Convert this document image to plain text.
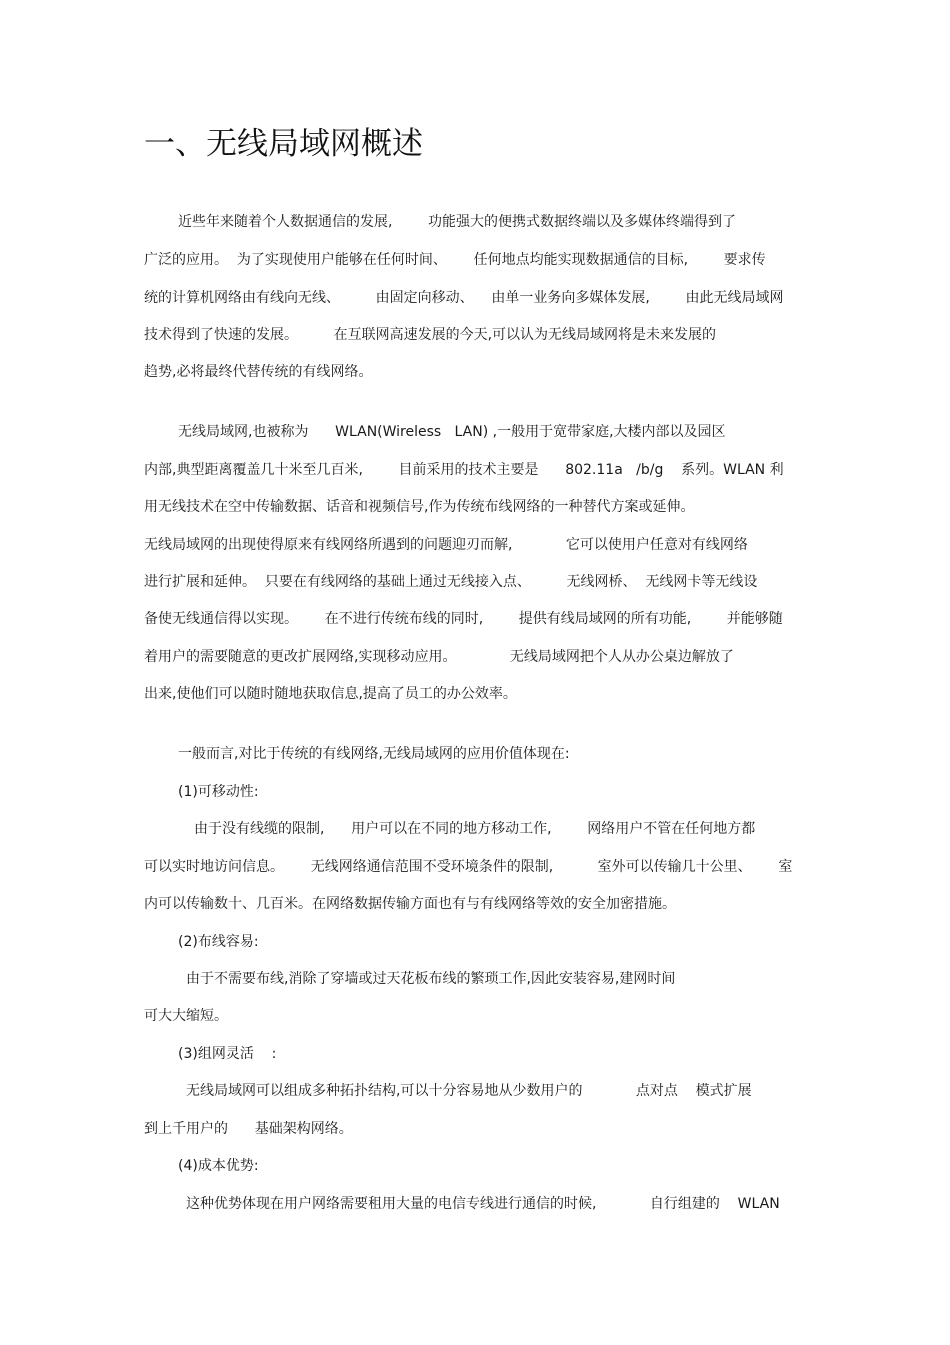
一、无线局域网概述
近些年来随着个人数据通信的发展,        功能强大的便携式数据终端以及多媒体终端得到了
广泛的应用。  为了实现使用户能够在任何时间、      任何地点均能实现数据通信的目标,        要求传
统的计算机网络由有线向无线、        由固定向移动、    由单一业务向多媒体发展,        由此无线局域网
技术得到了快速的发展。        在互联网高速发展的今天,可以认为无线局域网将是未来发展的
趋势,必将最终代替传统的有线网络。
无线局域网,也被称为      WLAN(Wireless   LAN) ,一般用于宽带家庭,大楼内部以及园区
内部,典型距离覆盖几十米至几百米,        目前采用的技术主要是      802.11a   /b/g    系列。WLAN 利
用无线技术在空中传输数据、话音和视频信号,作为传统布线网络的一种替代方案或延伸。
无线局域网的出现使得原来有线网络所遇到的问题迎刃而解,            它可以使用户任意对有线网络
进行扩展和延伸。  只要在有线网络的基础上通过无线接入点、        无线网桥、  无线网卡等无线设
备使无线通信得以实现。      在不进行传统布线的同时,        提供有线局域网的所有功能,        并能够随
着用户的需要随意的更改扩展网络,实现移动应用。            无线局域网把个人从办公桌边解放了
出来,使他们可以随时随地获取信息,提高了员工的办公效率。
一般而言,对比于传统的有线网络,无线局域网的应用价值体现在:
(1)可移动性:
由于没有线缆的限制,      用户可以在不同的地方移动工作,        网络用户不管在任何地方都
可以实时地访问信息。      无线网络通信范围不受环境条件的限制,          室外可以传输几十公里、      室
内可以传输数十、几百米。在网络数据传输方面也有与有线网络等效的安全加密措施。
(2)布线容易:
由于不需要布线,消除了穿墙或过天花板布线的繁琐工作,因此安装容易,建网时间
可大大缩短。
(3)组网灵活    :
无线局域网可以组成多种拓扑结构,可以十分容易地从少数用户的            点对点    模式扩展
到上千用户的      基础架构网络。
(4)成本优势:
这种优势体现在用户网络需要租用大量的电信专线进行通信的时候,            自行组建的    WLAN
